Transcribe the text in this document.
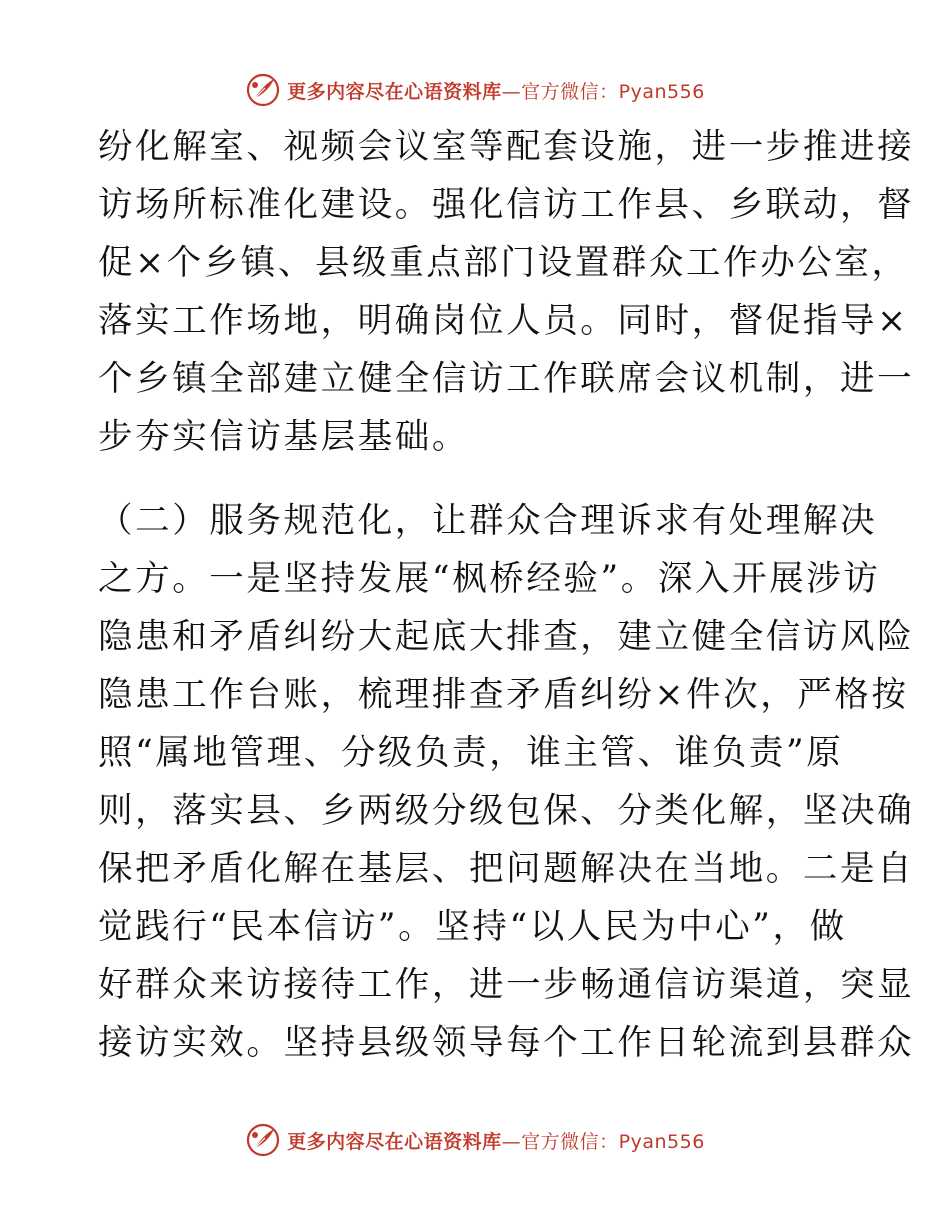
更多内容尽在心语资料库—官方微信：Pyan556
纷化解室、视频会议室等配套设施，进一步推进接
访场所标准化建设。强化信访工作县、乡联动，督
促×个乡镇、县级重点部门设置群众工作办公室，
落实工作场地，明确岗位人员。同时，督促指导×
个乡镇全部建立健全信访工作联席会议机制，进一
步夯实信访基层基础。
（二）服务规范化，让群众合理诉求有处理解决
之方。一是坚持发展“枫桥经验”。深入开展涉访
隐患和矛盾纠纷大起底大排查，建立健全信访风险
隐患工作台账，梳理排查矛盾纠纷×件次，严格按
照“属地管理、分级负责，谁主管、谁负责”原
则，落实县、乡两级分级包保、分类化解，坚决确
保把矛盾化解在基层、把问题解决在当地。二是自
觉践行“民本信访”。坚持“以人民为中心”，做
好群众来访接待工作，进一步畅通信访渠道，突显
接访实效。坚持县级领导每个工作日轮流到县群众
更多内容尽在心语资料库—官方微信：Pyan556
